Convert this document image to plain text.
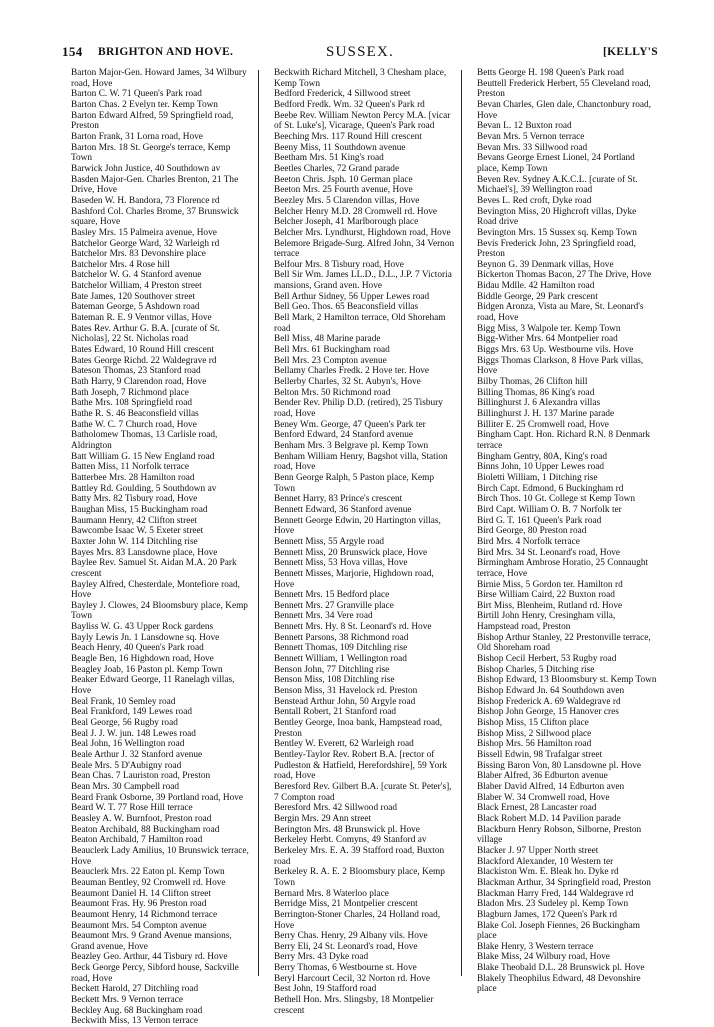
154 BRIGHTON AND HOVE.	SUSSEX.	[KELLY'S

Barton Major-Gen. Howard James, 34 Wilbury road, Hove

Barton C. W. 71 Queen's Park road

Barton Chas. 2 Evelyn ter. Kemp Town

Barton Edward Alfred, 59 Springfield road, Preston

Barton Frank, 31 Lorna road, Hove

Barton Mrs. 18 St. George's terrace, Kemp Town

Barwick John Justice, 40 Southdown av

Basden Major-Gen. Charles Brenton, 21 The Drive, Hove

Baseden W. H. Bandora, 73 Florence rd

Bashford Col. Charles Brome, 37 Brunswick square, Hove

Basley Mrs. 15 Palmeira avenue, Hove

Batchelor George Ward, 32 Warleigh rd

Batchelor Mrs. 83 Devonshire place

Batchelor Mrs. 4 Rose hill

Batchelor W. G. 4 Stanford avenue

Batchelor William, 4 Preston street

Bate James, 120 Southover street

Bateman George, 5 Ashdown road

Bateman R. E. 9 Ventnor villas, Hove

Bates Rev. Arthur G. B.A. [curate of St. Nicholas], 22 St. Nicholas road

Bates Edward, 10 Round Hill crescent

Bates George Richd. 22 Waldegrave rd

Bateson Thomas, 23 Stanford road

Bath Harry, 9 Clarendon road, Hove

Bath Joseph, 7 Richmond place

Bathe Mrs. 108 Springfield road

Bathe R. S. 46 Beaconsfield villas

Bathe W. C. 7 Church road, Hove

Batholomew Thomas, 13 Carlisle road, Aldrington

Batt William G. 15 New England road

Batten Miss, 11 Norfolk terrace

Batterbee Mrs. 28 Hamilton road

Battley Rd. Goulding, 5 Southdown av

Batty Mrs. 82 Tisbury road, Hove

Baughan Miss, 15 Buckingham road

Baumann Henry, 42 Clifton street

Bawcombe Isaac W. 5 Exeter street

Baxter John W. 114 Ditchling rise

Bayes Mrs. 83 Lansdowne place, Hove

Baylee Rev. Samuel St. Aidan M.A. 20 Park crescent

Bayley Alfred, Chesterdale, Montefiore road, Hove

Bayley J. Clowes, 24 Bloomsbury place, Kemp Town

Bayliss W. G. 43 Upper Rock gardens

Bayly Lewis Jn. 1 Lansdowne sq. Hove

Beach Henry, 40 Queen's Park road

Beagle Ben, 16 Highdown road, Hove

Beagley Joab, 16 Paston pl. Kemp Town

Beaker Edward George, 11 Ranelagh villas, Hove

Beal Frank, 10 Semley road

Beal Frankford, 149 Lewes road

Beal George, 56 Rugby road

Beal J. J. W. jun. 148 Lewes road

Beal John, 16 Wellington road

Beale Arthur J. 32 Stanford avenue

Beale Mrs. 5 D'Aubigny road

Bean Chas. 7 Lauriston road, Preston

Bean Mrs. 30 Campbell road

Beard Frank Osborne, 39 Portland road, Hove

Beard W. T. 77 Rose Hill terrace

Beasley A. W. Burnfoot, Preston road

Beaton Archibald, 88 Buckingham road

Beaton Archibald, 7 Hamilton road

Beauclerk Lady Amilius, 10 Brunswick terrace, Hove

Beauclerk Mrs. 22 Eaton pl. Kemp Town

Beauman Bentley, 92 Cromwell rd. Hove

Beaumont Daniel H. 14 Clifton street

Beaumont Fras. Hy. 96 Preston road

Beaumont Henry, 14 Richmond terrace

Beaumont Mrs. 54 Compton avenue

Beaumont Mrs. 9 Grand Avenue mansions, Grand avenue, Hove

Beazley Geo. Arthur, 44 Tisbury rd. Hove

Beck George Percy, Sibford house, Sackville road, Hove

Beckett Harold, 27 Ditchling road

Beckett Mrs. 9 Vernon terrace

Beckley Aug. 68 Buckingham road

Beckwith Miss, 13 Vernon terrace

Beckwith Richard Mitchell, 3 Chesham place, Kemp Town

Bedford Frederick, 4 Sillwood street

Bedford Fredk. Wm. 32 Queen's Park rd

Beebe Rev. William Newton Percy M.A. [vicar of St. Luke's], Vicarage, Queen's Park road

Beeching Mrs. 117 Round Hill crescent

Beeny Miss, 11 Southdown avenue

Beetham Mrs. 51 King's road

Beetles Charles, 72 Grand parade

Beeton Chris. Jsph. 10 German place

Beeton Mrs. 25 Fourth avenue, Hove

Beezley Mrs. 5 Clarendon villas, Hove

Belcher Henry M.D. 28 Cromwell rd. Hove

Belcher Joseph, 41 Marlborough place

Belcher Mrs. Lyndhurst, Highdown road, Hove

Belemore Brigade-Surg. Alfred John, 34 Vernon terrace

Belfour Mrs. 8 Tisbury road, Hove

Bell Sir Wm. James LL.D., D.L., J.P. 7 Victoria mansions, Grand aven. Hove

Bell Arthur Sidney, 56 Upper Lewes road

Bell Geo. Thos. 65 Beaconsfield villas

Bell Mark, 2 Hamilton terrace, Old Shoreham road

Bell Miss, 48 Marine parade

Bell Mrs. 61 Buckingham road

Bell Mrs. 23 Compton avenue

Bellamy Charles Fredk. 2 Hove ter. Hove

Bellerby Charles, 32 St. Aubyn's, Hove

Belton Mrs. 50 Richmond road

Bender Rev. Philip D.D. (retired), 25 Tisbury road, Hove

Beney Wm. George, 47 Queen's Park ter

Benford Edward, 24 Stanford avenue

Benham Mrs. 3 Belgrave pl. Kemp Town

Benham William Henry, Bagshot villa, Station road, Hove

Benn George Ralph, 5 Paston place, Kemp Town

Bennet Harry, 83 Prince's crescent

Bennett Edward, 36 Stanford avenue

Bennett George Edwin, 20 Hartington villas, Hove

Bennett Miss, 55 Argyle road

Bennett Miss, 20 Brunswick place, Hove

Bennett Miss, 53 Hova villas, Hove

Bennett Misses, Marjorie, Highdown road, Hove

Bennett Mrs. 15 Bedford place

Bennett Mrs. 27 Granville place

Bennett Mrs. 34 Vere road

Bennett Mrs. Hy. 8 St. Leonard's rd. Hove

Bennett Parsons, 38 Richmond road

Bennett Thomas, 109 Ditchling rise

Bennett William, 1 Wellington road

Benson John, 77 Ditchling rise

Benson Miss, 108 Ditchling rise

Benson Miss, 31 Havelock rd. Preston

Benstead Arthur John, 50 Argyle road

Bentall Robert, 21 Stanford road

Bentley George, Inoa bank, Hampstead road, Preston

Bentley W. Everett, 62 Warleigh road

Bentley-Taylor Rev. Robert B.A. [rector of Pudleston & Hatfield, Herefordshire], 59 York road, Hove

Beresford Rev. Gilbert B.A. [curate St. Peter's], 7 Compton road

Beresford Mrs. 42 Sillwood road

Bergin Mrs. 29 Ann street

Berington Mrs. 48 Brunswick pl. Hove

Berkeley Herbt. Comyns, 49 Stanford av

Berkeley Mrs. E. A. 39 Stafford road, Buxton road

Berkeley R. A. E. 2 Bloomsbury place, Kemp Town

Bernard Mrs. 8 Waterloo place

Berridge Miss, 21 Montpelier crescent

Berrington-Stoner Charles, 24 Holland road, Hove

Berry Chas. Henry, 29 Albany vils. Hove

Berry Eli, 24 St. Leonard's road, Hove

Berry Mrs. 43 Dyke road

Berry Thomas, 6 Westbourne st. Hove

Beryl Harcourt Cecil, 32 Norton rd. Hove

Best John, 19 Stafford road

Bethell Hon. Mrs. Slingsby, 18 Montpelier crescent

Betts George H. 198 Queen's Park road

Beuttell Frederick Herbert, 55 Cleveland road, Preston

Bevan Charles, Glen dale, Chanctonbury road, Hove

Bevan L. 12 Buxton road

Bevan Mrs. 5 Vernon terrace

Bevan Mrs. 33 Sillwood road

Bevans George Ernest Lionel, 24 Portland place, Kemp Town

Beven Rev. Sydney A.K.C.L. [curate of St. Michael's], 39 Wellington road

Beves L. Red croft, Dyke road

Bevington Miss, 20 Highcroft villas, Dyke Road drive

Bevington Mrs. 15 Sussex sq. Kemp Town

Bevis Frederick John, 23 Springfield road, Preston

Beynon G. 39 Denmark villas, Hove

Bickerton Thomas Bacon, 27 The Drive, Hove

Bidau Mdlle. 42 Hamilton road

Biddle George, 29 Park crescent

Bidgen Aronza, Vista au Mare, St. Leonard's road, Hove

Bigg Miss, 3 Walpole ter. Kemp Town

Bigg-Wither Mrs. 64 Montpelier road

Biggs Mrs. 63 Up. Westbourne vils. Hove

Biggs Thomas Clarkson, 8 Hove Park villas, Hove

Bilby Thomas, 26 Clifton hill

Billing Thomas, 86 King's road

Billinghurst J. 6 Alexandra villas

Billinghurst J. H. 137 Marine parade

Billiter E. 25 Cromwell road, Hove

Bingham Capt. Hon. Richard R.N. 8 Denmark terrace

Bingham Gentry, 80A, King's road

Binns John, 10 Upper Lewes road

Bioletti William, 1 Ditching rise

Birch Capt. Edmond, 6 Buckingham rd

Birch Thos. 10 Gt. College st Kemp Town

Bird Capt. William O. B. 7 Norfolk ter

Bird G. T. 161 Queen's Park road

Bird George, 80 Preston road

Bird Mrs. 4 Norfolk terrace

Bird Mrs. 34 St. Leonard's road, Hove

Birmingham Ambrose Horatio, 25 Connaught terrace, Hove

Birnie Miss, 5 Gordon ter. Hamilton rd

Birse William Caird, 22 Buxton road

Birt Miss, Blenheim, Rutland rd. Hove

Birtill John Henry, Cresingham villa, Hampstead road, Preston

Bishop Arthur Stanley, 22 Prestonville terrace, Old Shoreham road

Bishop Cecil Herbert, 53 Rugby road

Bishop Charles, 5 Ditching rise

Bishop Edward, 13 Bloomsbury st. Kemp Town

Bishop Edward Jn. 64 Southdown aven

Bishop Frederick A. 69 Waldegrave rd

Bishop John George, 15 Hanover cres

Bishop Miss, 15 Clifton place

Bishop Miss, 2 Sillwood place

Bishop Mrs. 56 Hamilton road

Bissell Edwin, 98 Trafalgar street

Bissing Baron Von, 80 Lansdowne pl. Hove

Blaber Alfred, 36 Edburton avenue

Blaber David Alfred, 14 Edburton aven

Blaber W. 34 Cromwell road, Hove

Black Ernest, 28 Lancaster road

Black Robert M.D. 14 Pavilion parade

Blackburn Henry Robson, Silborne, Preston village

Blacker J. 97 Upper North street

Blackford Alexander, 10 Western ter

Blackiston Wm. E. Bleak ho. Dyke rd

Blackman Arthur, 34 Springfield road, Preston

Blackman Harry Fred, 144 Waldegrave rd

Bladon Mrs. 23 Sudeley pl. Kemp Town

Blagburn James, 172 Queen's Park rd

Blake Col. Joseph Fiennes, 26 Buckingham place

Blake Henry, 3 Western terrace

Blake Miss, 24 Wilbury road, Hove

Blake Theobald D.L. 28 Brunswick pl. Hove

Blakely Theophilus Edward, 48 Devonshire place
